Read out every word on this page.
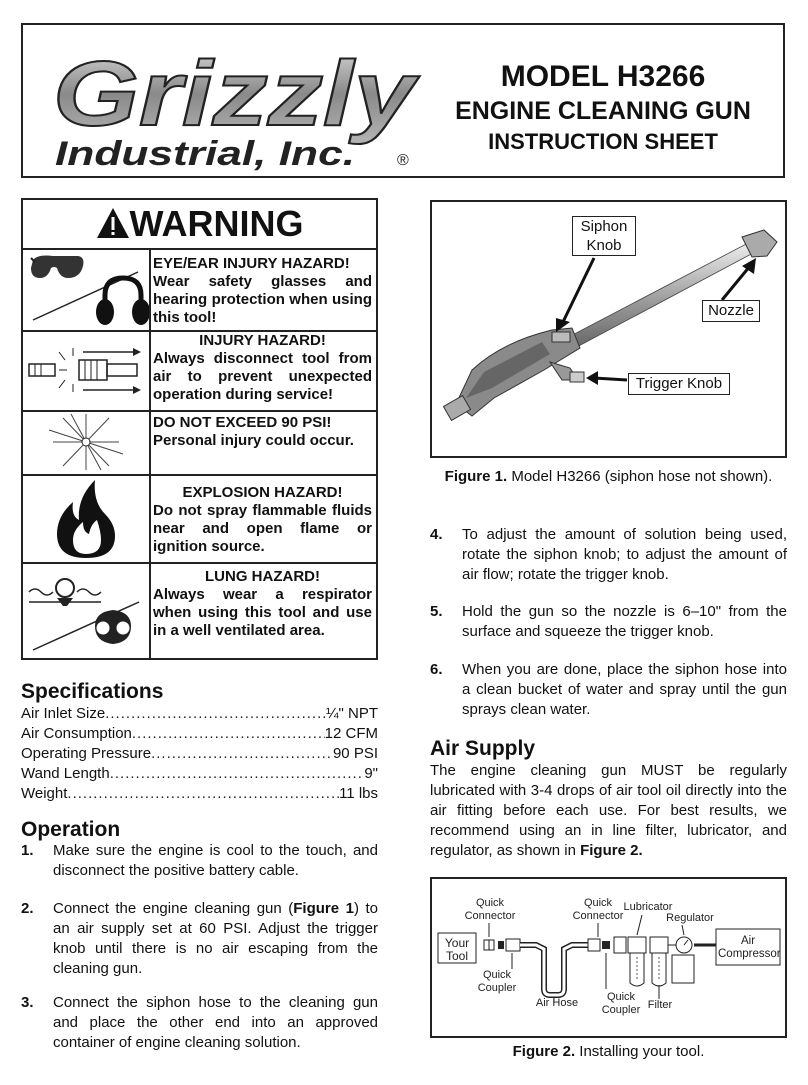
Grizzly
Industrial, Inc.	®
MODEL H3266
ENGINE CLEANING GUN
INSTRUCTION SHEET
WARNING
EYE/EAR INJURY HAZARD!
Wear safety glasses and hearing protection when using this tool!
INJURY HAZARD!
Always disconnect tool from air to prevent unexpected operation during service!
DO NOT EXCEED 90 PSI!
Personal injury could occur.
EXPLOSION HAZARD!
Do not spray flammable fluids near and open flame or ignition source.
LUNG HAZARD!
Always wear a respirator when using this tool and use in a well ventilated area.
Specifications
Air Inlet Size .....	¼" NPT
Air Consumption .....	12 CFM
Operating Pressure .....	90 PSI
Wand Length .....	9"
Weight .....	11 lbs
Operation
1. Make sure the engine is cool to the touch, and disconnect the positive battery cable.
2. Connect the engine cleaning gun (Figure 1) to an air supply set at 60 PSI. Adjust the trigger knob until there is no air escaping from the cleaning gun.
3. Connect the siphon hose to the cleaning gun and place the other end into an approved container of engine cleaning solution.
Siphon Knob
Nozzle
Trigger Knob
Figure 1. Model H3266 (siphon hose not shown).
4. To adjust the amount of solution being used, rotate the siphon knob; to adjust the amount of air flow; rotate the trigger knob.
5. Hold the gun so the nozzle is 6–10" from the surface and squeeze the trigger knob.
6. When you are done, place the siphon hose into a clean bucket of water and spray until the gun sprays clean water.
Air Supply
The engine cleaning gun MUST be regularly lubricated with 3-4 drops of air tool oil directly into the air fitting before each use. For best results, we recommend using an in line filter, lubricator, and regulator, as shown in Figure 2.
Your Tool
Quick Connector
Quick Coupler
Air Hose
Quick Connector
Quick Coupler
Lubricator
Regulator
Filter
Air Compressor
Figure 2. Installing your tool.
